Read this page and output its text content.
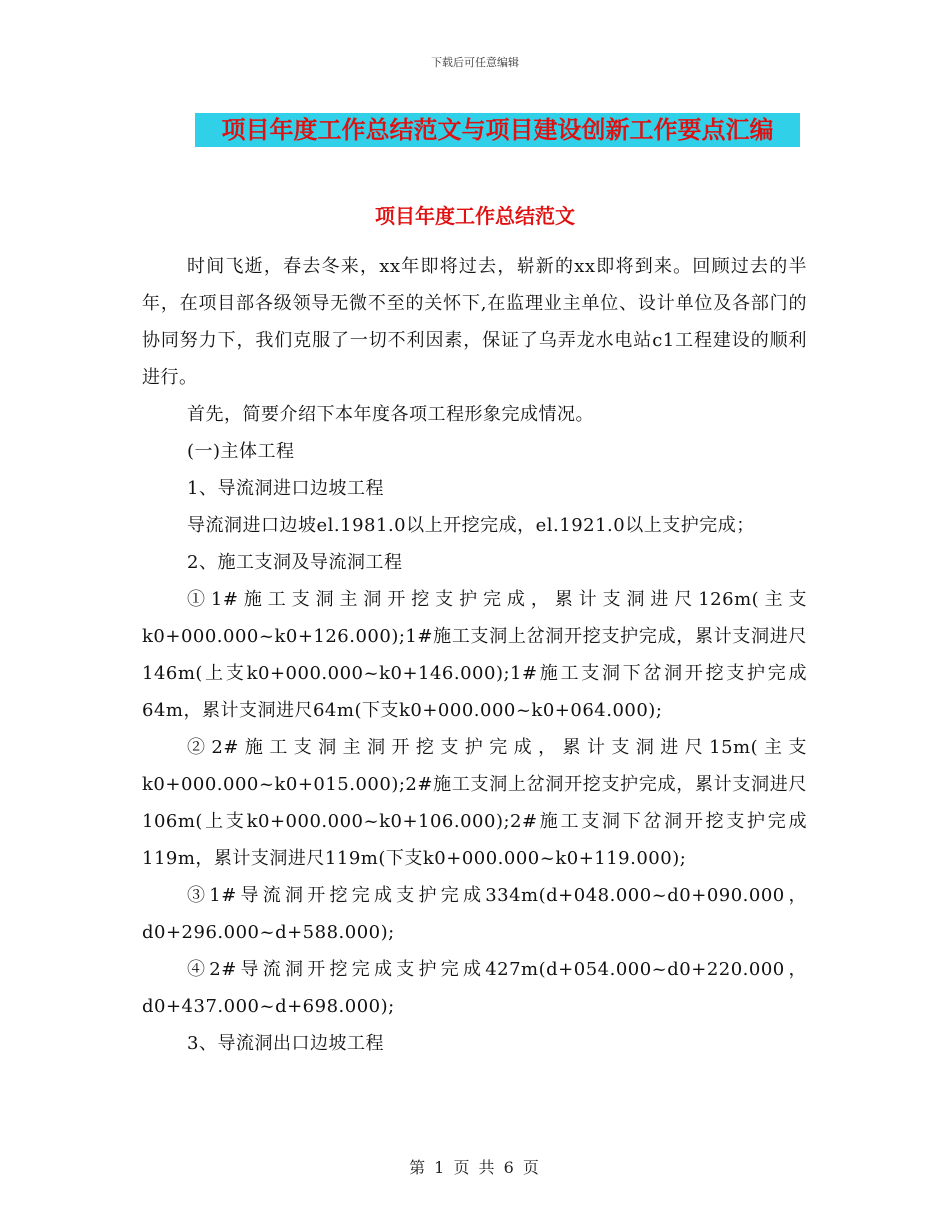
下载后可任意编辑
项目年度工作总结范文与项目建设创新工作要点汇编
项目年度工作总结范文

时间飞逝，春去冬来，xx年即将过去，崭新的xx即将到来。回顾过去的半年，在项目部各级领导无微不至的关怀下,在监理业主单位、设计单位及各部门的协同努力下，我们克服了一切不利因素，保证了乌弄龙水电站c1工程建设的顺利进行。

首先，简要介绍下本年度各项工程形象完成情况。

(一)主体工程

1、导流洞进口边坡工程

导流洞进口边坡el.1981.0以上开挖完成，el.1921.0以上支护完成；

2、施工支洞及导流洞工程

①1#施工支洞主洞开挖支护完成，累计支洞进尺126m(主支k0+000.000~k0+126.000);1#施工支洞上岔洞开挖支护完成，累计支洞进尺146m(上支k0+000.000~k0+146.000);1#施工支洞下岔洞开挖支护完成64m，累计支洞进尺64m(下支k0+000.000~k0+064.000);

②2#施工支洞主洞开挖支护完成，累计支洞进尺15m(主支k0+000.000~k0+015.000);2#施工支洞上岔洞开挖支护完成，累计支洞进尺106m(上支k0+000.000~k0+106.000);2#施工支洞下岔洞开挖支护完成119m，累计支洞进尺119m(下支k0+000.000~k0+119.000);

③1#导流洞开挖完成支护完成334m(d+048.000~d0+090.000，d0+296.000~d+588.000);

④2#导流洞开挖完成支护完成427m(d+054.000~d0+220.000，d0+437.000~d+698.000);

3、导流洞出口边坡工程

第 1 页 共 6 页
